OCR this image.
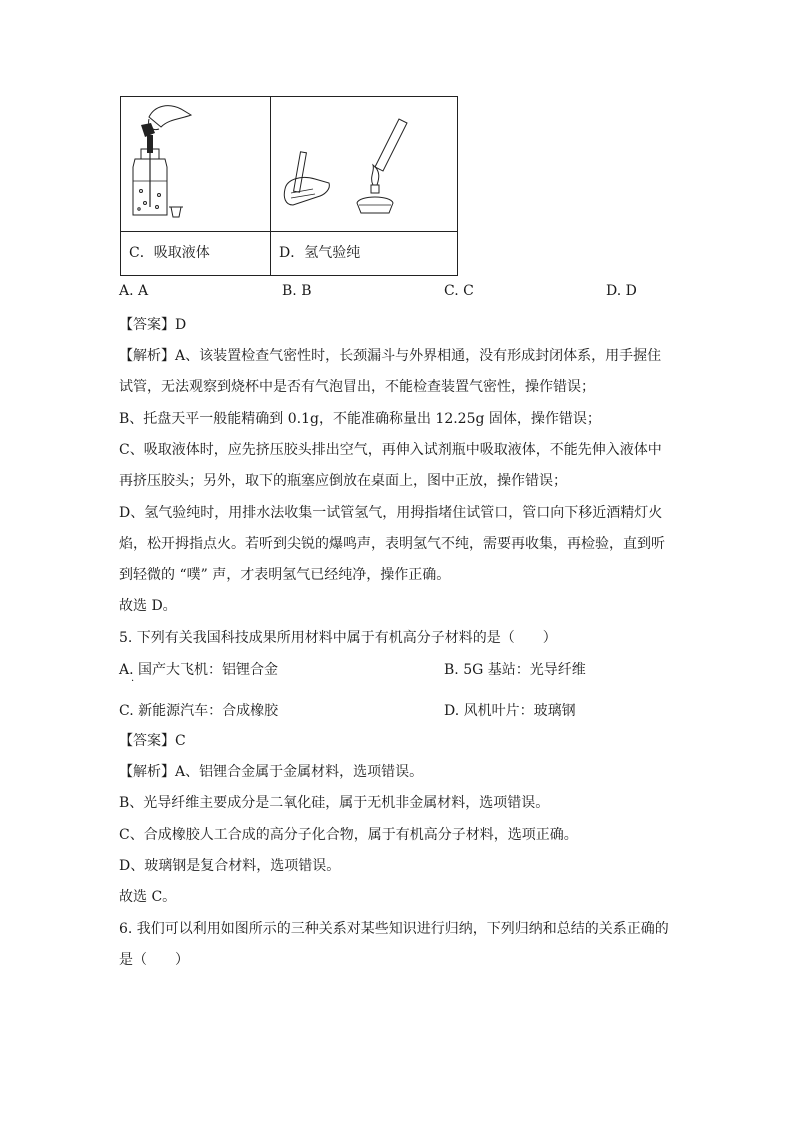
C．吸取液体	D．氢气验纯
A. A	B. B	C. C	D. D
【答案】D
【解析】A、该装置检查气密性时，长颈漏斗与外界相通，没有形成封闭体系，用手握住
试管，无法观察到烧杯中是否有气泡冒出，不能检查装置气密性，操作错误；
B、托盘天平一般能精确到 0.1g，不能准确称量出 12.25g 固体，操作错误；
C、吸取液体时，应先挤压胶头排出空气，再伸入试剂瓶中吸取液体，不能先伸入液体中
再挤压胶头；另外，取下的瓶塞应倒放在桌面上，图中正放，操作错误；
D、氢气验纯时，用排水法收集一试管氢气，用拇指堵住试管口，管口向下移近酒精灯火
焰，松开拇指点火。若听到尖锐的爆鸣声，表明氢气不纯，需要再收集，再检验，直到听
到轻微的 “噗” 声，才表明氢气已经纯净，操作正确。
故选 D。
5. 下列有关我国科技成果所用材料中属于有机高分子材料的是（　　）
A. 国产大飞机：铝锂合金	B. 5G 基站：光导纤维
·
C. 新能源汽车：合成橡胶	D. 风机叶片：玻璃钢
【答案】C
【解析】A、铝锂合金属于金属材料，选项错误。
B、光导纤维主要成分是二氧化硅，属于无机非金属材料，选项错误。
C、合成橡胶人工合成的高分子化合物，属于有机高分子材料，选项正确。
D、玻璃钢是复合材料，选项错误。
故选 C。
6. 我们可以利用如图所示的三种关系对某些知识进行归纳，下列归纳和总结的关系正确的
是（　　）
